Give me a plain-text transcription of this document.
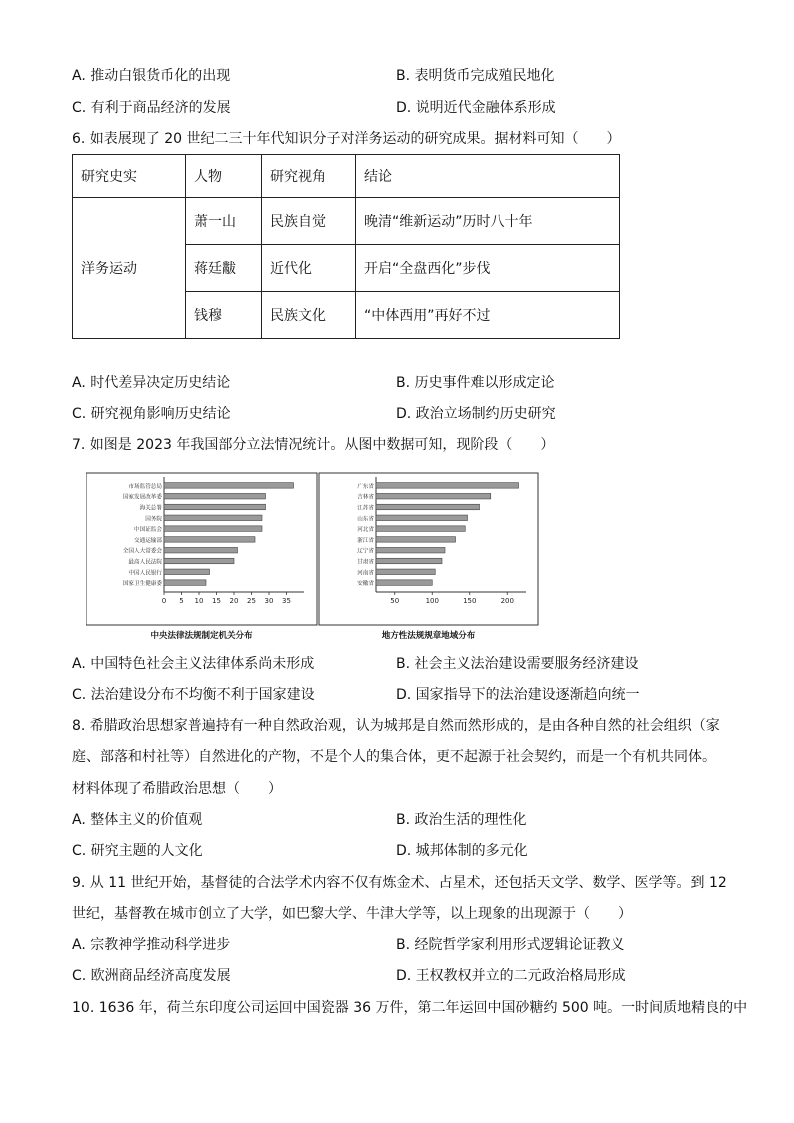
A. 推动白银货币化的出现	B. 表明货币完成殖民地化
C. 有利于商品经济的发展	D. 说明近代金融体系形成
6. 如表展现了 20 世纪二三十年代知识分子对洋务运动的研究成果。据材料可知（　　）
研究史实	人物	研究视角	结论
洋务运动	萧一山	民族自觉	晚清“维新运动”历时八十年
	蒋廷黻	近代化	开启“全盘西化”步伐
	钱穆	民族文化	“中体西用”再好不过
A. 时代差异决定历史结论	B. 历史事件难以形成定论
C. 研究视角影响历史结论	D. 政治立场制约历史研究
7. 如图是 2023 年我国部分立法情况统计。从图中数据可知，现阶段（　　）
市场监管总局
国家发展改革委
海关总署
国务院
中国证监会
交通运输部
全国人大常委会
最高人民法院
中国人民银行
国家卫生健康委
0 5 10 15 20 25 30 35
中央法律法规制定机关分布
广东省
吉林省
江苏省
山东省
河北省
浙江省
辽宁省
甘肃省
河南省
安徽省
50	100	150	200
地方性法规规章地域分布
A. 中国特色社会主义法律体系尚未形成	B. 社会主义法治建设需要服务经济建设
C. 法治建设分布不均衡不利于国家建设	D. 国家指导下的法治建设逐渐趋向统一
8. 希腊政治思想家普遍持有一种自然政治观，认为城邦是自然而然形成的，是由各种自然的社会组织（家
庭、部落和村社等）自然进化的产物，不是个人的集合体，更不起源于社会契约，而是一个有机共同体。
材料体现了希腊政治思想（　　）
A. 整体主义的价值观	B. 政治生活的理性化
C. 研究主题的人文化	D. 城邦体制的多元化
9. 从 11 世纪开始，基督徒的合法学术内容不仅有炼金术、占星术，还包括天文学、数学、医学等。到 12
世纪，基督教在城市创立了大学，如巴黎大学、牛津大学等，以上现象的出现源于（　　）
A. 宗教神学推动科学进步	B. 经院哲学家利用形式逻辑论证教义
C. 欧洲商品经济高度发展	D. 王权教权并立的二元政治格局形成
10. 1636 年，荷兰东印度公司运回中国瓷器 36 万件，第二年运回中国砂糖约 500 吨。一时间质地精良的中
